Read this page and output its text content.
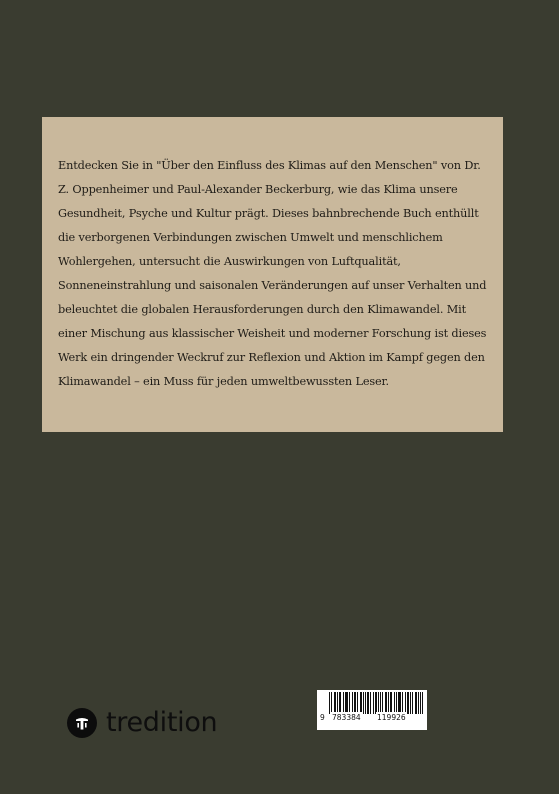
Entdecken Sie in "Über den Einfluss des Klimas auf den Menschen" von Dr. Z. Oppenheimer und Paul-Alexander Beckerburg, wie das Klima unsere Gesundheit, Psyche und Kultur prägt. Dieses bahnbrechende Buch enthüllt die verborgenen Verbindungen zwischen Umwelt und menschlichem Wohlergehen, untersucht die Auswirkungen von Luftqualität, Sonneneinstrahlung und saisonalen Veränderungen auf unser Verhalten und beleuchtet die globalen Herausforderungen durch den Klimawandel. Mit einer Mischung aus klassischer Weisheit und moderner Forschung ist dieses Werk ein dringender Weckruf zur Reflexion und Aktion im Kampf gegen den Klimawandel – ein Muss für jeden umweltbewussten Leser.

tredition	9 783384 119926
